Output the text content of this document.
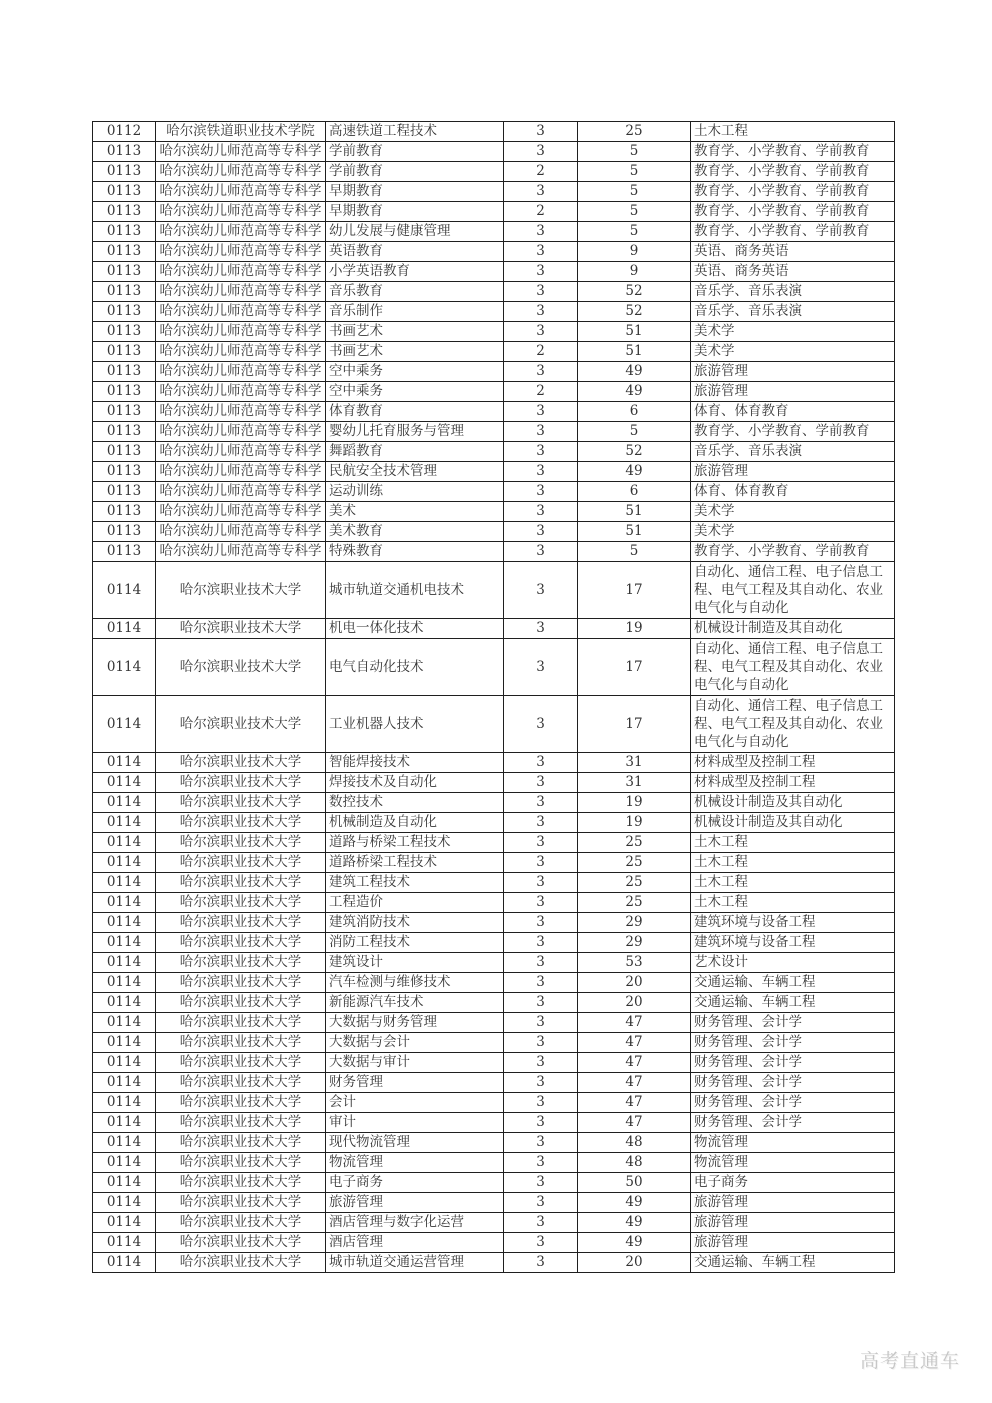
0112	哈尔滨铁道职业技术学院	高速铁道工程技术	3	25	土木工程
0113	哈尔滨幼儿师范高等专科学	学前教育	3	5	教育学、小学教育、学前教育
0113	哈尔滨幼儿师范高等专科学	学前教育	2	5	教育学、小学教育、学前教育
0113	哈尔滨幼儿师范高等专科学	早期教育	3	5	教育学、小学教育、学前教育
0113	哈尔滨幼儿师范高等专科学	早期教育	2	5	教育学、小学教育、学前教育
0113	哈尔滨幼儿师范高等专科学	幼儿发展与健康管理	3	5	教育学、小学教育、学前教育
0113	哈尔滨幼儿师范高等专科学	英语教育	3	9	英语、商务英语
0113	哈尔滨幼儿师范高等专科学	小学英语教育	3	9	英语、商务英语
0113	哈尔滨幼儿师范高等专科学	音乐教育	3	52	音乐学、音乐表演
0113	哈尔滨幼儿师范高等专科学	音乐制作	3	52	音乐学、音乐表演
0113	哈尔滨幼儿师范高等专科学	书画艺术	3	51	美术学
0113	哈尔滨幼儿师范高等专科学	书画艺术	2	51	美术学
0113	哈尔滨幼儿师范高等专科学	空中乘务	3	49	旅游管理
0113	哈尔滨幼儿师范高等专科学	空中乘务	2	49	旅游管理
0113	哈尔滨幼儿师范高等专科学	体育教育	3	6	体育、体育教育
0113	哈尔滨幼儿师范高等专科学	婴幼儿托育服务与管理	3	5	教育学、小学教育、学前教育
0113	哈尔滨幼儿师范高等专科学	舞蹈教育	3	52	音乐学、音乐表演
0113	哈尔滨幼儿师范高等专科学	民航安全技术管理	3	49	旅游管理
0113	哈尔滨幼儿师范高等专科学	运动训练	3	6	体育、体育教育
0113	哈尔滨幼儿师范高等专科学	美术	3	51	美术学
0113	哈尔滨幼儿师范高等专科学	美术教育	3	51	美术学
0113	哈尔滨幼儿师范高等专科学	特殊教育	3	5	教育学、小学教育、学前教育
0114	哈尔滨职业技术大学	城市轨道交通机电技术	3	17	自动化、通信工程、电子信息工程、电气工程及其自动化、农业电气化与自动化
0114	哈尔滨职业技术大学	机电一体化技术	3	19	机械设计制造及其自动化
0114	哈尔滨职业技术大学	电气自动化技术	3	17	自动化、通信工程、电子信息工程、电气工程及其自动化、农业电气化与自动化
0114	哈尔滨职业技术大学	工业机器人技术	3	17	自动化、通信工程、电子信息工程、电气工程及其自动化、农业电气化与自动化
0114	哈尔滨职业技术大学	智能焊接技术	3	31	材料成型及控制工程
0114	哈尔滨职业技术大学	焊接技术及自动化	3	31	材料成型及控制工程
0114	哈尔滨职业技术大学	数控技术	3	19	机械设计制造及其自动化
0114	哈尔滨职业技术大学	机械制造及自动化	3	19	机械设计制造及其自动化
0114	哈尔滨职业技术大学	道路与桥梁工程技术	3	25	土木工程
0114	哈尔滨职业技术大学	道路桥梁工程技术	3	25	土木工程
0114	哈尔滨职业技术大学	建筑工程技术	3	25	土木工程
0114	哈尔滨职业技术大学	工程造价	3	25	土木工程
0114	哈尔滨职业技术大学	建筑消防技术	3	29	建筑环境与设备工程
0114	哈尔滨职业技术大学	消防工程技术	3	29	建筑环境与设备工程
0114	哈尔滨职业技术大学	建筑设计	3	53	艺术设计
0114	哈尔滨职业技术大学	汽车检测与维修技术	3	20	交通运输、车辆工程
0114	哈尔滨职业技术大学	新能源汽车技术	3	20	交通运输、车辆工程
0114	哈尔滨职业技术大学	大数据与财务管理	3	47	财务管理、会计学
0114	哈尔滨职业技术大学	大数据与会计	3	47	财务管理、会计学
0114	哈尔滨职业技术大学	大数据与审计	3	47	财务管理、会计学
0114	哈尔滨职业技术大学	财务管理	3	47	财务管理、会计学
0114	哈尔滨职业技术大学	会计	3	47	财务管理、会计学
0114	哈尔滨职业技术大学	审计	3	47	财务管理、会计学
0114	哈尔滨职业技术大学	现代物流管理	3	48	物流管理
0114	哈尔滨职业技术大学	物流管理	3	48	物流管理
0114	哈尔滨职业技术大学	电子商务	3	50	电子商务
0114	哈尔滨职业技术大学	旅游管理	3	49	旅游管理
0114	哈尔滨职业技术大学	酒店管理与数字化运营	3	49	旅游管理
0114	哈尔滨职业技术大学	酒店管理	3	49	旅游管理
0114	哈尔滨职业技术大学	城市轨道交通运营管理	3	20	交通运输、车辆工程
高考直通车
